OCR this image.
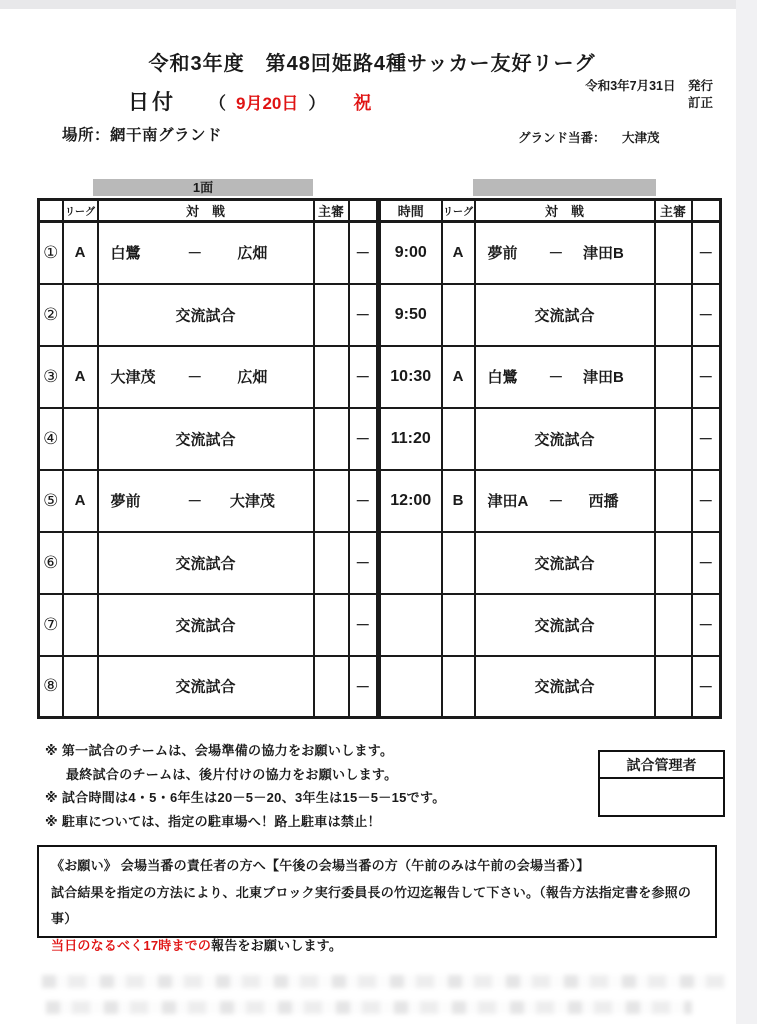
令和3年度　第48回姫路4種サッカー友好リーグ
日付 （ 9月20日 ） 祝
令和3年7月31日　発行
訂正
場所：網干南グランド	グランド当番： 大津茂
1面
	リーグ	対　戦	主審		時間	リーグ	対　戦	主審	
①	A	白鷺 － 広畑		－	9:00	A	夢前 － 津田B		－
②		交流試合		－	9:50		交流試合		－
③	A	大津茂 － 広畑		－	10:30	A	白鷺 － 津田B		－
④		交流試合		－	11:20		交流試合		－
⑤	A	夢前 － 大津茂		－	12:00	B	津田A － 西播		－
⑥		交流試合		－			交流試合		－
⑦		交流試合		－			交流試合		－
⑧		交流試合		－			交流試合		－
※ 第一試合のチームは、会場準備の協力をお願いします。
最終試合のチームは、後片付けの協力をお願いします。
※ 試合時間は4・5・6年生は20－5－20、3年生は15－5－15です。
※ 駐車については、指定の駐車場へ！路上駐車は禁止！
試合管理者
《お願い》 会場当番の責任者の方へ【午後の会場当番の方（午前のみは午前の会場当番）】
試合結果を指定の方法により、北東ブロック実行委員長の竹辺迄報告して下さい。（報告方法指定書を参照の事）
当日のなるべく17時までの報告をお願いします。
